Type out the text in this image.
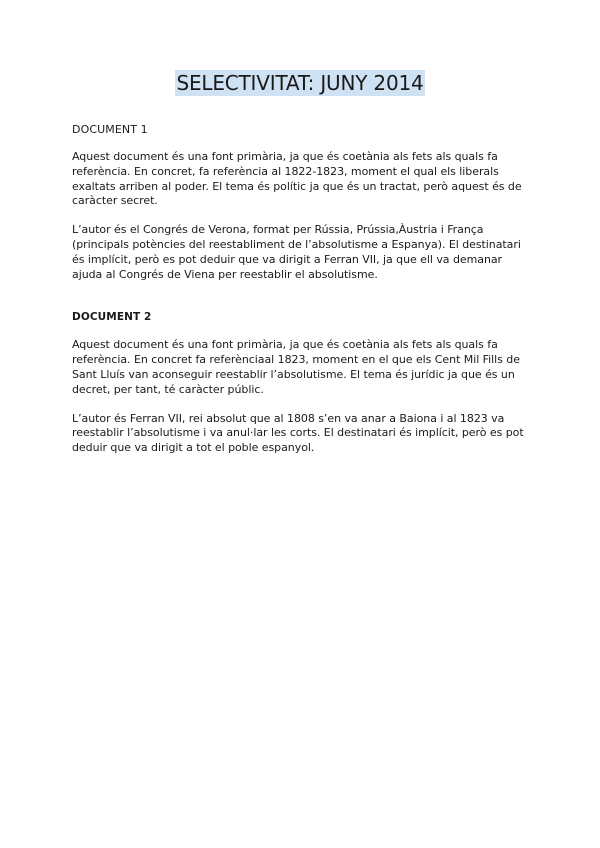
SELECTIVITAT: JUNY 2014
DOCUMENT 1

Aquest document és una font primària, ja que és coetània als fets als quals fa referència. En concret, fa referència al 1822-1823, moment el qual els liberals exaltats arriben al poder. El tema és polític ja que és un tractat, però aquest és de caràcter secret.

L’autor és el Congrés de Verona, format per Rússia, Prússia,Àustria i França (principals potències del reestabliment de l’absolutisme a Espanya). El destinatari és implícit, però es pot deduir que va dirigit a Ferran VII, ja que ell va demanar ajuda al Congrés de Viena per reestablir el absolutisme.

DOCUMENT 2

Aquest document és una font primària, ja que és coetània als fets als quals fa referència. En concret fa referènciaal 1823, moment en el que els Cent Mil Fills de Sant Lluís van aconseguir reestablir l’absolutisme. El tema és jurídic ja que és un decret, per tant, té caràcter públic.

L’autor és Ferran VII, rei absolut que al 1808 s’en va anar a Baiona i al 1823 va reestablir l’absolutisme i va anul·lar les corts. El destinatari és implícit, però es pot deduir que va dirigit a tot el poble espanyol.
